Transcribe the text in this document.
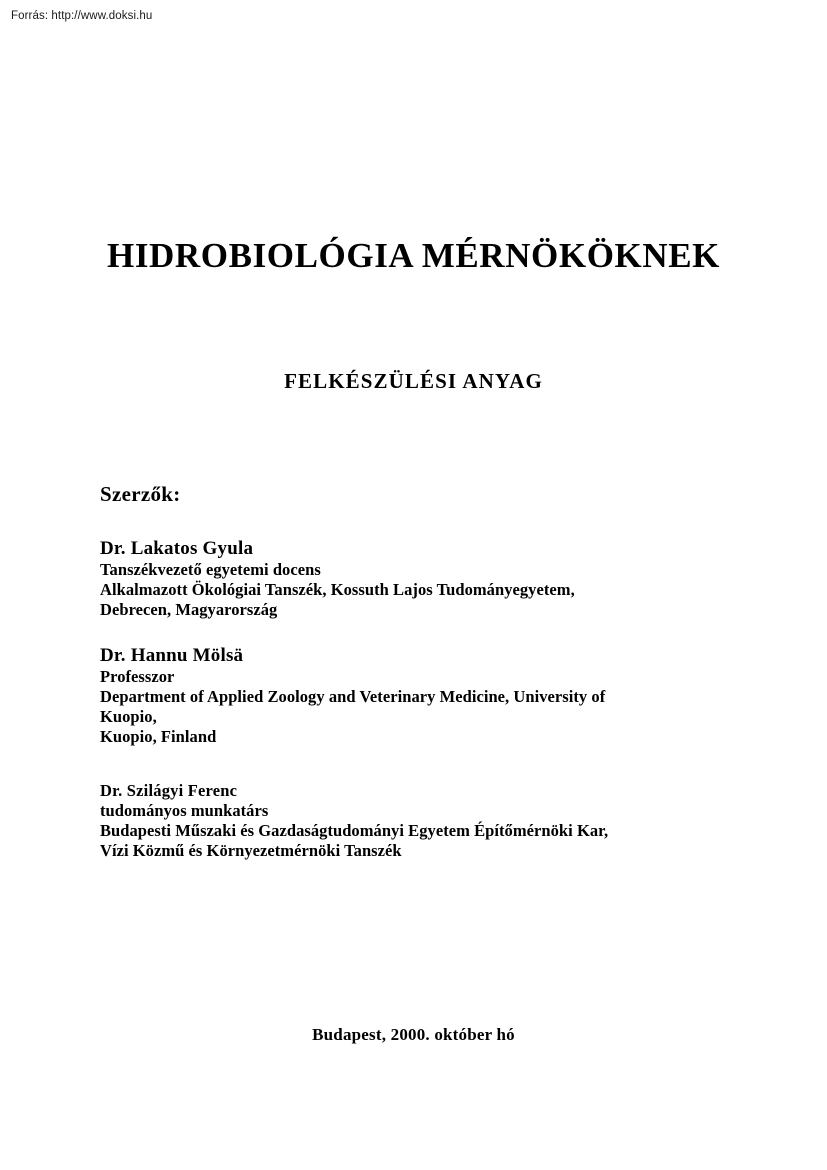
Forrás: http://www.doksi.hu
HIDROBIOLÓGIA MÉRNÖKÖKNEK
FELKÉSZÜLÉSI ANYAG
Szerzők:
Dr. Lakatos Gyula
Tanszékvezető egyetemi docens
Alkalmazott Ökológiai Tanszék, Kossuth Lajos Tudományegyetem,
Debrecen, Magyarország
Dr. Hannu Mölsä
Professzor
Department of Applied Zoology and Veterinary Medicine, University of
Kuopio,
Kuopio, Finland
Dr. Szilágyi Ferenc
tudományos munkatárs
Budapesti Műszaki és Gazdaságtudományi Egyetem Építőmérnöki Kar,
Vízi Közmű és Környezetmérnöki Tanszék
Budapest, 2000. október hó
